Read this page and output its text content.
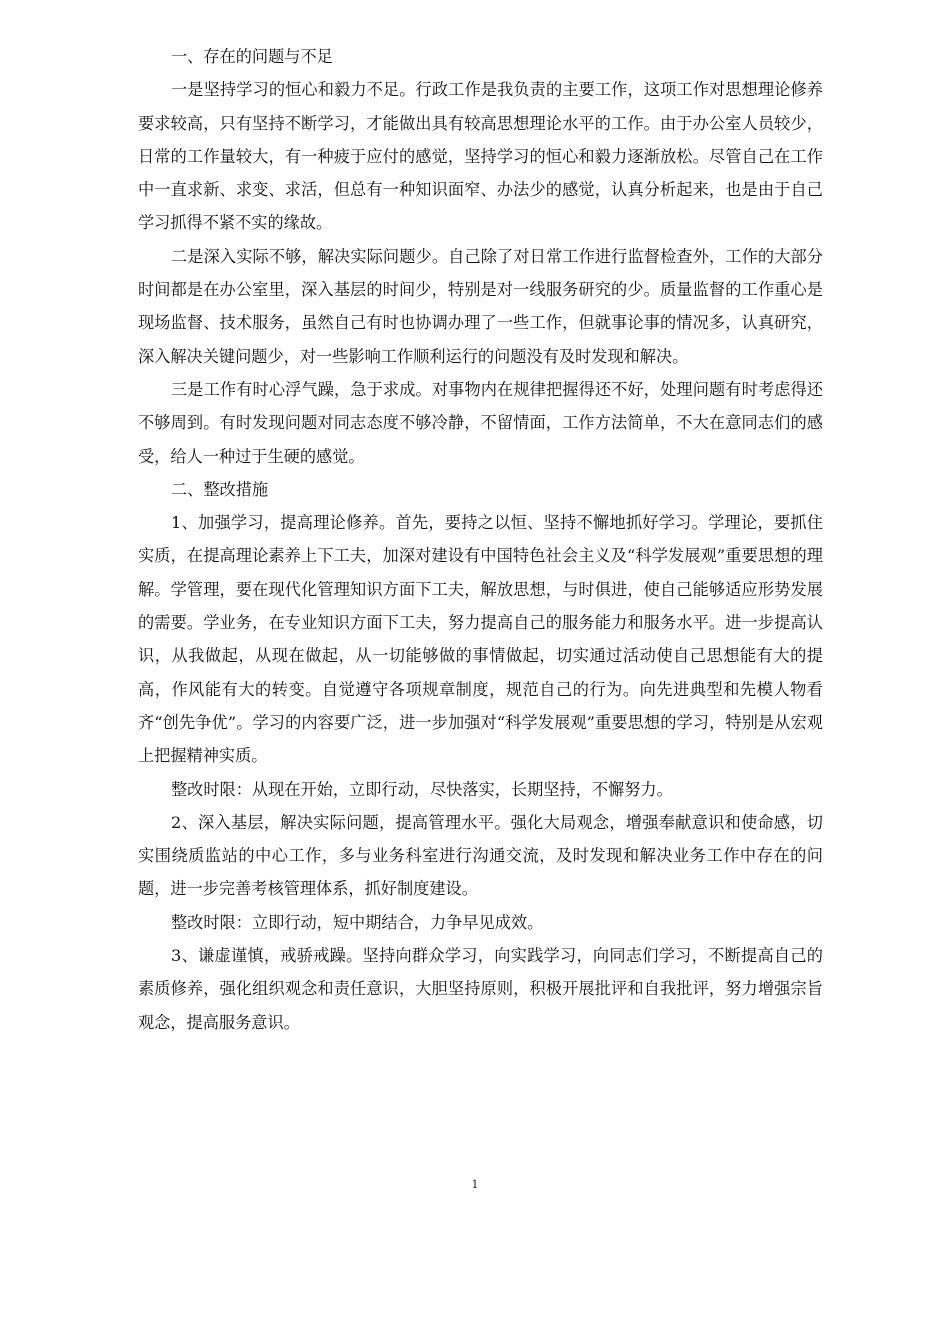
一、存在的问题与不足

一是坚持学习的恒心和毅力不足。行政工作是我负责的主要工作，这项工作对思想理论修养要求较高，只有坚持不断学习，才能做出具有较高思想理论水平的工作。由于办公室人员较少，日常的工作量较大，有一种疲于应付的感觉，坚持学习的恒心和毅力逐渐放松。尽管自己在工作中一直求新、求变、求活，但总有一种知识面窄、办法少的感觉，认真分析起来，也是由于自己学习抓得不紧不实的缘故。

二是深入实际不够，解决实际问题少。自己除了对日常工作进行监督检查外，工作的大部分时间都是在办公室里，深入基层的时间少，特别是对一线服务研究的少。质量监督的工作重心是现场监督、技术服务，虽然自己有时也协调办理了一些工作，但就事论事的情况多，认真研究，深入解决关键问题少，对一些影响工作顺利运行的问题没有及时发现和解决。

三是工作有时心浮气躁，急于求成。对事物内在规律把握得还不好，处理问题有时考虑得还不够周到。有时发现问题对同志态度不够冷静，不留情面，工作方法简单，不大在意同志们的感受，给人一种过于生硬的感觉。

二、整改措施

1、加强学习，提高理论修养。首先，要持之以恒、坚持不懈地抓好学习。学理论，要抓住实质，在提高理论素养上下工夫，加深对建设有中国特色社会主义及“科学发展观”重要思想的理解。学管理，要在现代化管理知识方面下工夫，解放思想，与时俱进，使自己能够适应形势发展的需要。学业务，在专业知识方面下工夫，努力提高自己的服务能力和服务水平。进一步提高认识，从我做起，从现在做起，从一切能够做的事情做起，切实通过活动使自己思想能有大的提高，作风能有大的转变。自觉遵守各项规章制度，规范自己的行为。向先进典型和先模人物看齐“创先争优”。学习的内容要广泛，进一步加强对“科学发展观”重要思想的学习，特别是从宏观上把握精神实质。

整改时限：从现在开始，立即行动，尽快落实，长期坚持，不懈努力。

2、深入基层，解决实际问题，提高管理水平。强化大局观念，增强奉献意识和使命感，切实围绕质监站的中心工作，多与业务科室进行沟通交流，及时发现和解决业务工作中存在的问题，进一步完善考核管理体系，抓好制度建设。

整改时限：立即行动，短中期结合，力争早见成效。

3、谦虚谨慎，戒骄戒躁。坚持向群众学习，向实践学习，向同志们学习，不断提高自己的素质修养，强化组织观念和责任意识，大胆坚持原则，积极开展批评和自我批评，努力增强宗旨观念，提高服务意识。

1
